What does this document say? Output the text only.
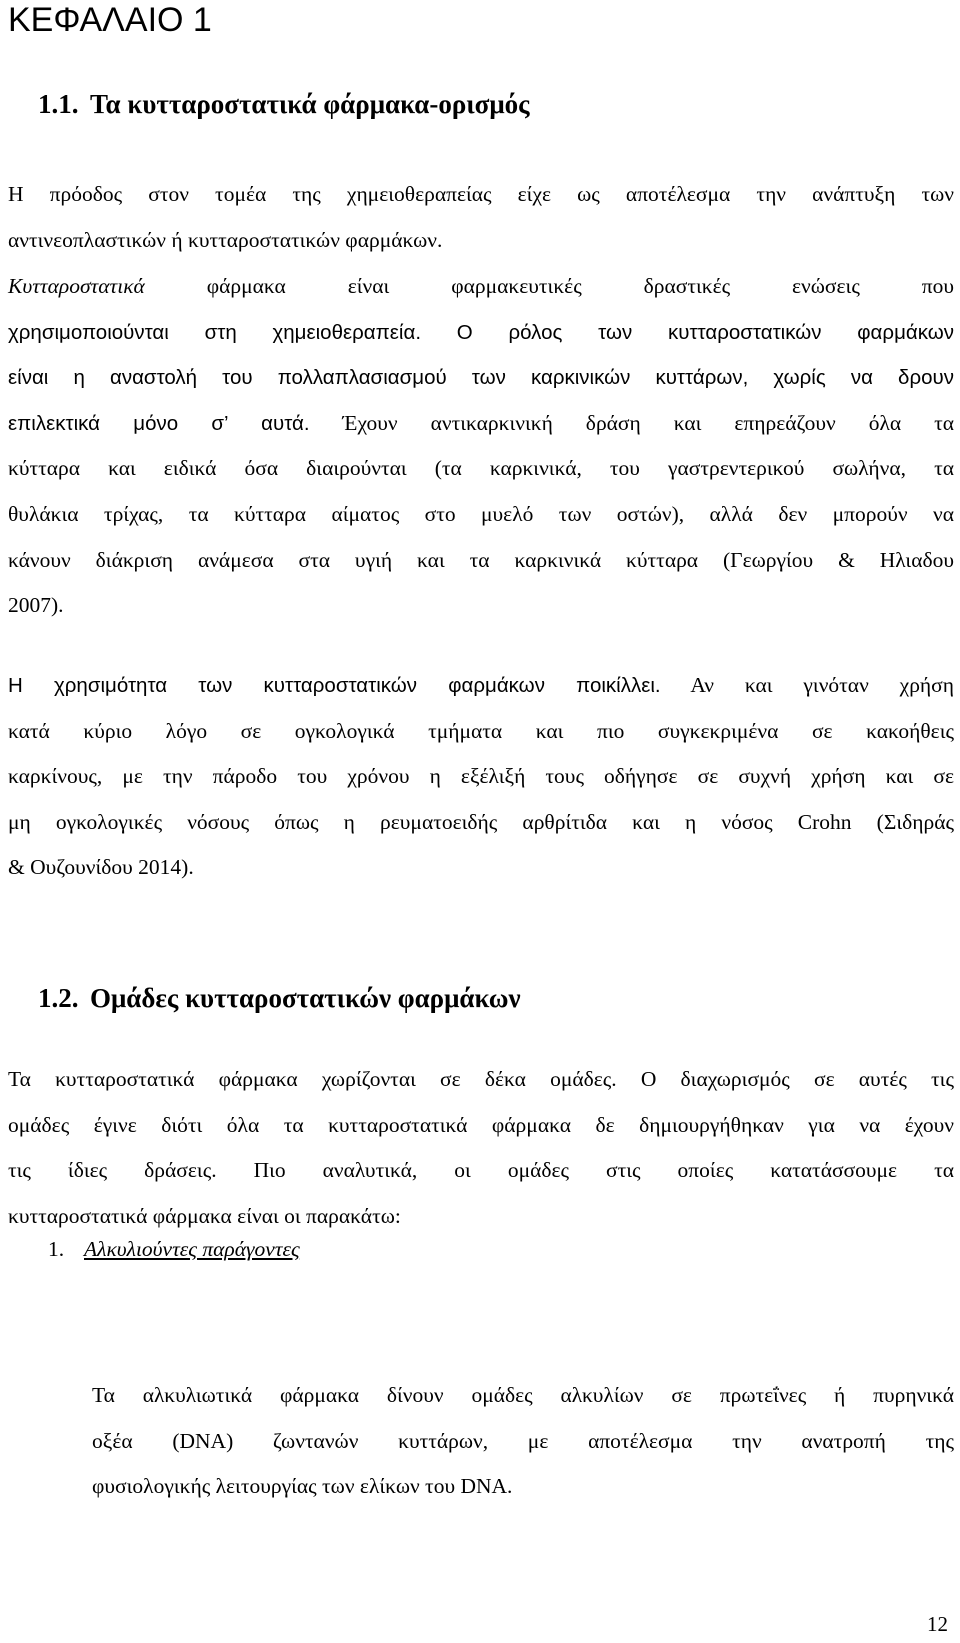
ΚΕΦΑΛΑΙΟ 1
1.1. Τα κυτταροστατικά φάρμακα-ορισμός
Η πρόοδος στον τομέα της χημειοθεραπείας είχε ως αποτέλεσμα την ανάπτυξη των
αντινεοπλαστικών ή κυτταροστατικών φαρμάκων.
Κυτταροστατικά	φάρμακα είναι φαρμακευτικές δραστικές ενώσεις που
χρησιμοποιούνται στη χημειοθεραπεία. Ο ρόλος των κυτταροστατικών φαρμάκων
είναι η αναστολή του πολλαπλασιασμού των καρκινικών κυττάρων, χωρίς να δρουν
επιλεκτικά μόνο σ’ αυτά. Έχουν αντικαρκινική δράση και επηρεάζουν όλα τα
κύτταρα και ειδικά όσα διαιρούνται (τα καρκινικά, του γαστρεντερικού σωλήνα, τα
θυλάκια τρίχας, τα κύτταρα αίματος στο μυελό των οστών), αλλά δεν μπορούν να
κάνουν διάκριση ανάμεσα στα υγιή και τα καρκινικά κύτταρα (Γεωργίου & Ηλιαδου
2007).
Η χρησιμότητα των κυτταροστατικών φαρμάκων ποικίλλει. Αν και γινόταν χρήση
κατά κύριο λόγο σε ογκολογικά τμήματα και πιο συγκεκριμένα σε κακοήθεις
καρκίνους, με την πάροδο του χρόνου η εξέλιξή τους οδήγησε σε συχνή χρήση και σε
μη ογκολογικές νόσους όπως η ρευματοειδής αρθρίτιδα και η νόσος Crohn (Σιδηράς
& Ουζουνίδου 2014).
1.2. Ομάδες κυτταροστατικών φαρμάκων
Τα κυτταροστατικά φάρμακα χωρίζονται σε δέκα ομάδες. Ο διαχωρισμός σε αυτές τις
ομάδες έγινε διότι όλα τα κυτταροστατικά φάρμακα δε δημιουργήθηκαν για να έχουν
τις ίδιες δράσεις. Πιο αναλυτικά, οι ομάδες στις οποίες κατατάσσουμε τα
κυτταροστατικά φάρμακα είναι οι παρακάτω:
1. Αλκυλιούντες παράγοντες
Τα αλκυλιωτικά φάρμακα δίνουν ομάδες αλκυλίων σε πρωτεΐνες ή πυρηνικά
οξέα (DNA) ζωντανών κυττάρων, με αποτέλεσμα την ανατροπή της
φυσιολογικής λειτουργίας των ελίκων του DNA.
12
